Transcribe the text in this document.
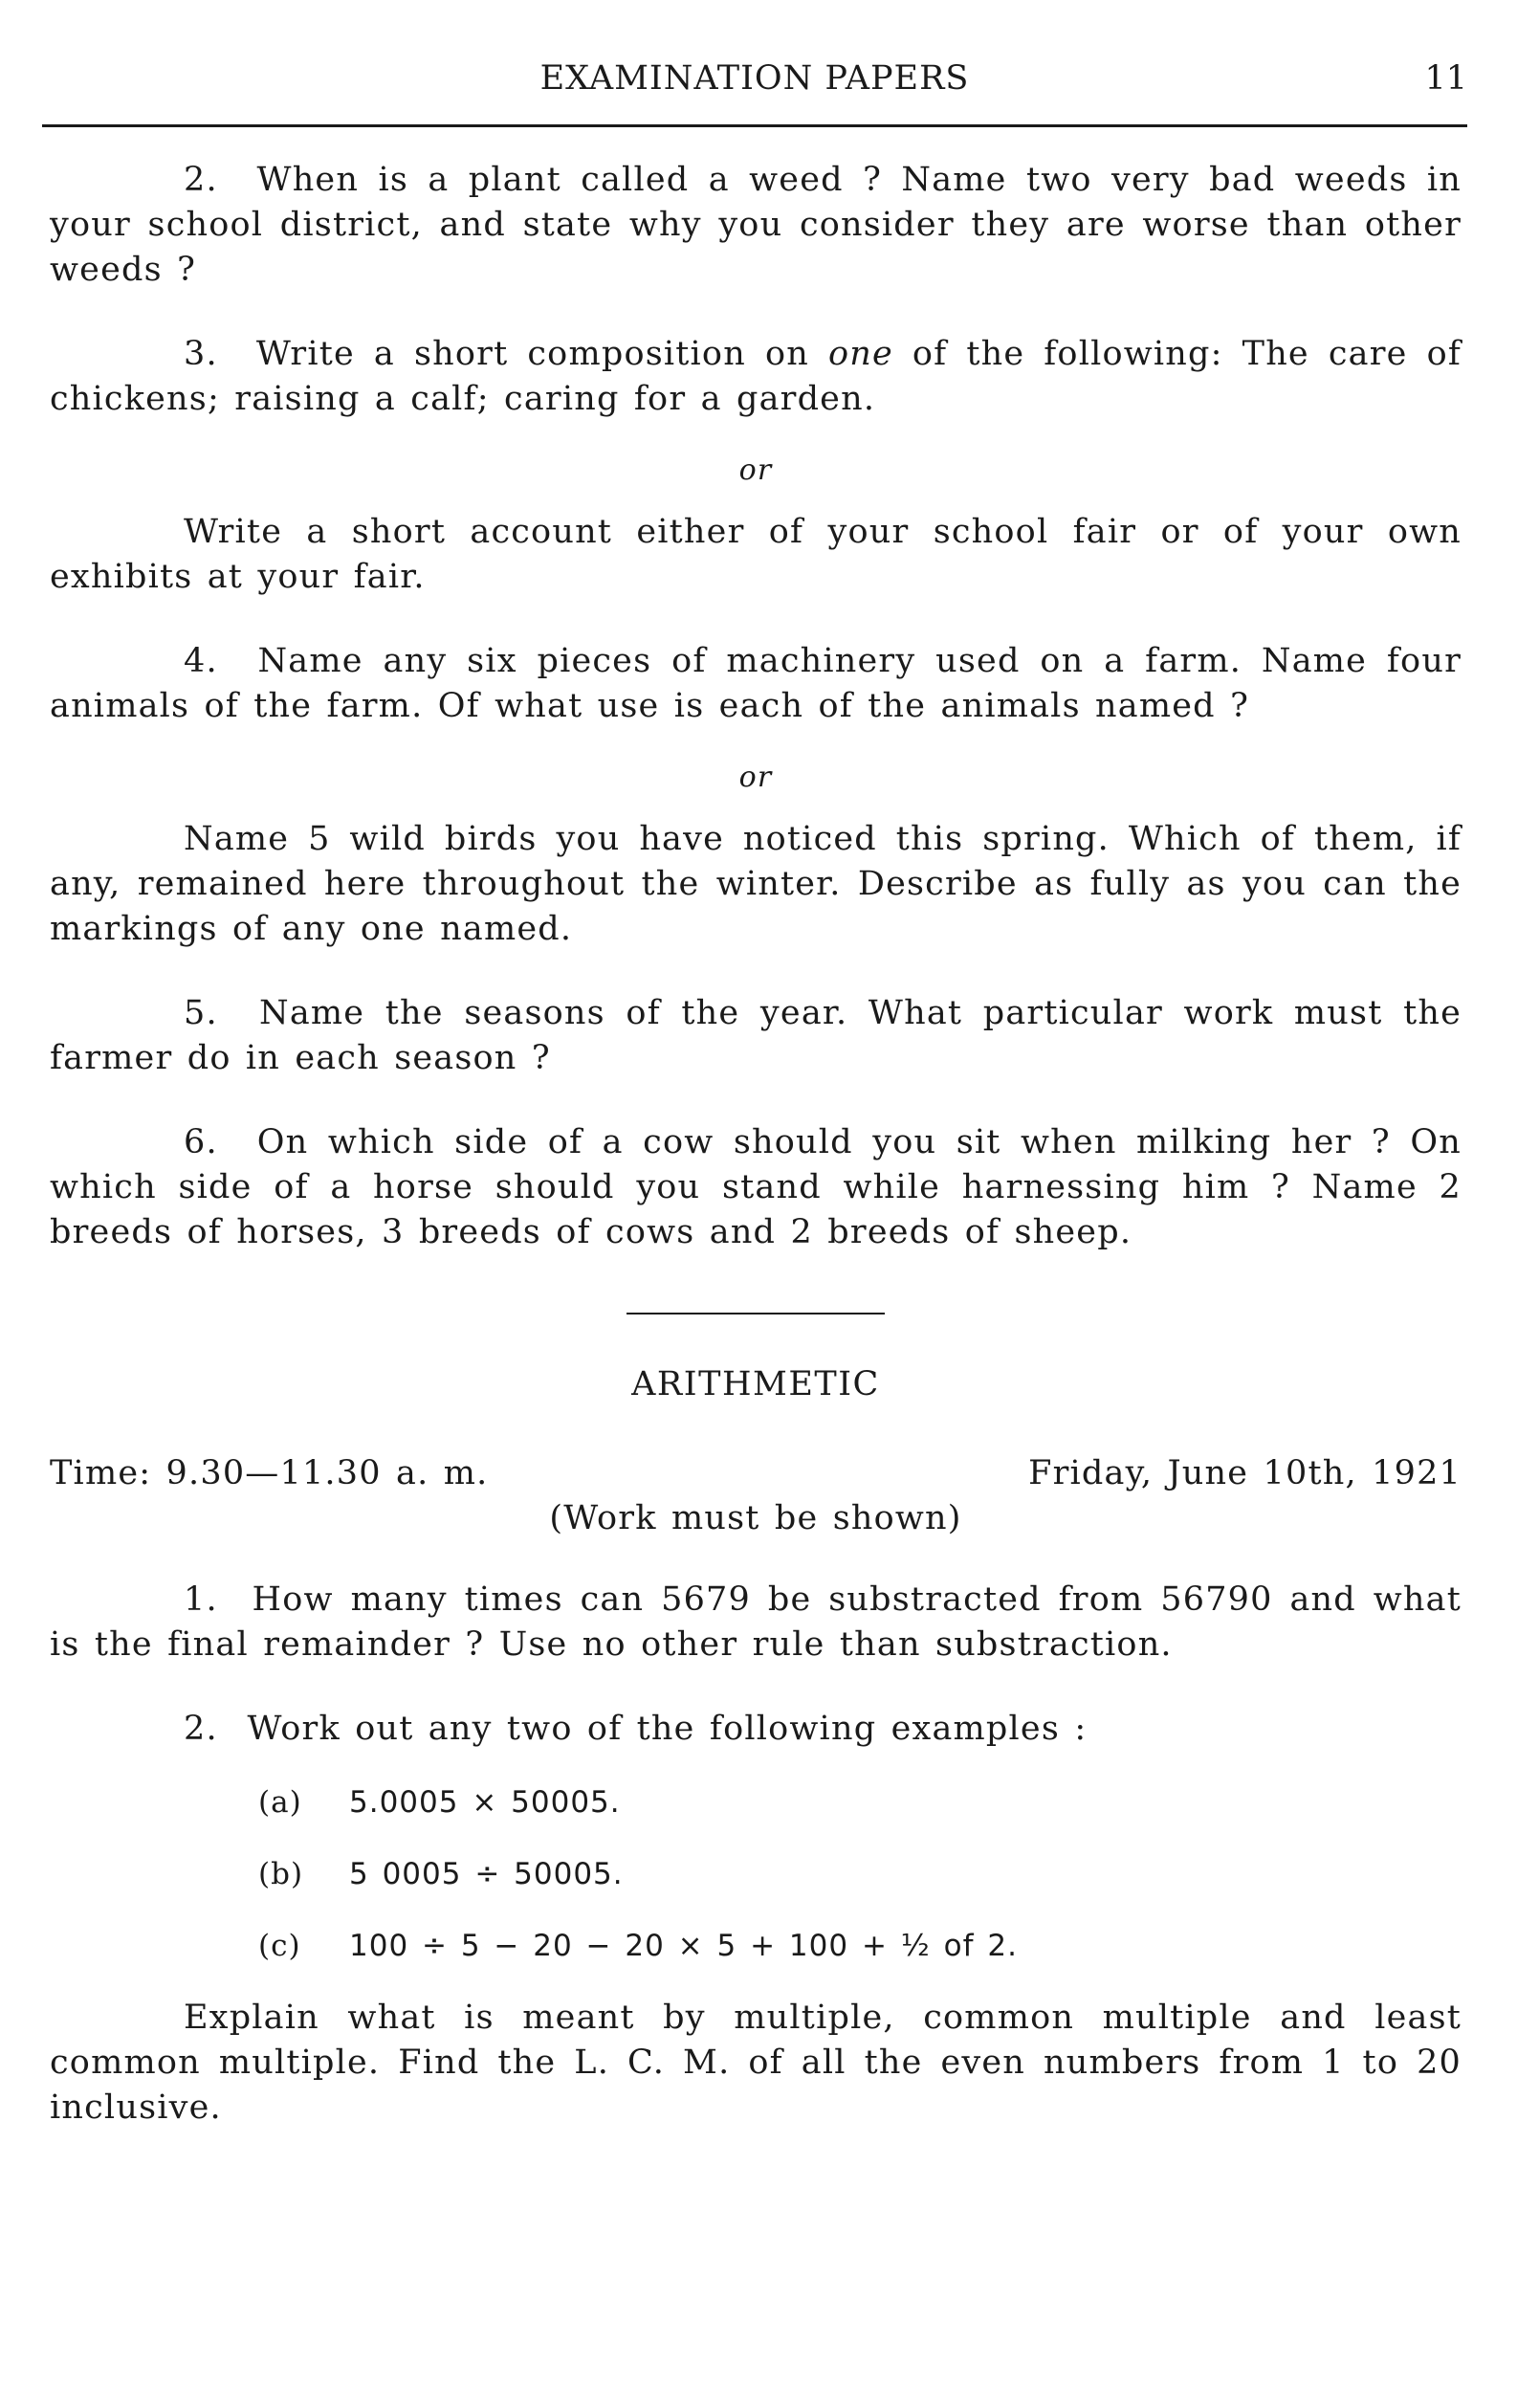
EXAMINATION PAPERS	11

2. When is a plant called a weed ? Name two very bad weeds in your school district, and state why you consider they are worse than other weeds ?

3. Write a short composition on one of the following: The care of chickens; raising a calf; caring for a garden.

or

Write a short account either of your school fair or of your own exhibits at your fair.

4. Name any six pieces of machinery used on a farm. Name four animals of the farm. Of what use is each of the animals named ?

or

Name 5 wild birds you have noticed this spring. Which of them, if any, remained here throughout the winter. Describe as fully as you can the markings of any one named.

5. Name the seasons of the year. What particular work must the farmer do in each season ?

6. On which side of a cow should you sit when milking her ? On which side of a horse should you stand while harnessing him ? Name 2 breeds of horses, 3 breeds of cows and 2 breeds of sheep.

ARITHMETIC
Time: 9.30—11.30 a. m.	Friday, June 10th, 1921
(Work must be shown)

1. How many times can 5679 be substracted from 56790 and what is the final remainder ? Use no other rule than substraction.

2. Work out any two of the following examples :

(a) 5.0005 × 50005.
(b) 5 0005 ÷ 50005.
(c) 100 ÷ 5 − 20 − 20 × 5 + 100 + ½ of 2.

Explain what is meant by multiple, common multiple and least common multiple. Find the L. C. M. of all the even numbers from 1 to 20 inclusive.
